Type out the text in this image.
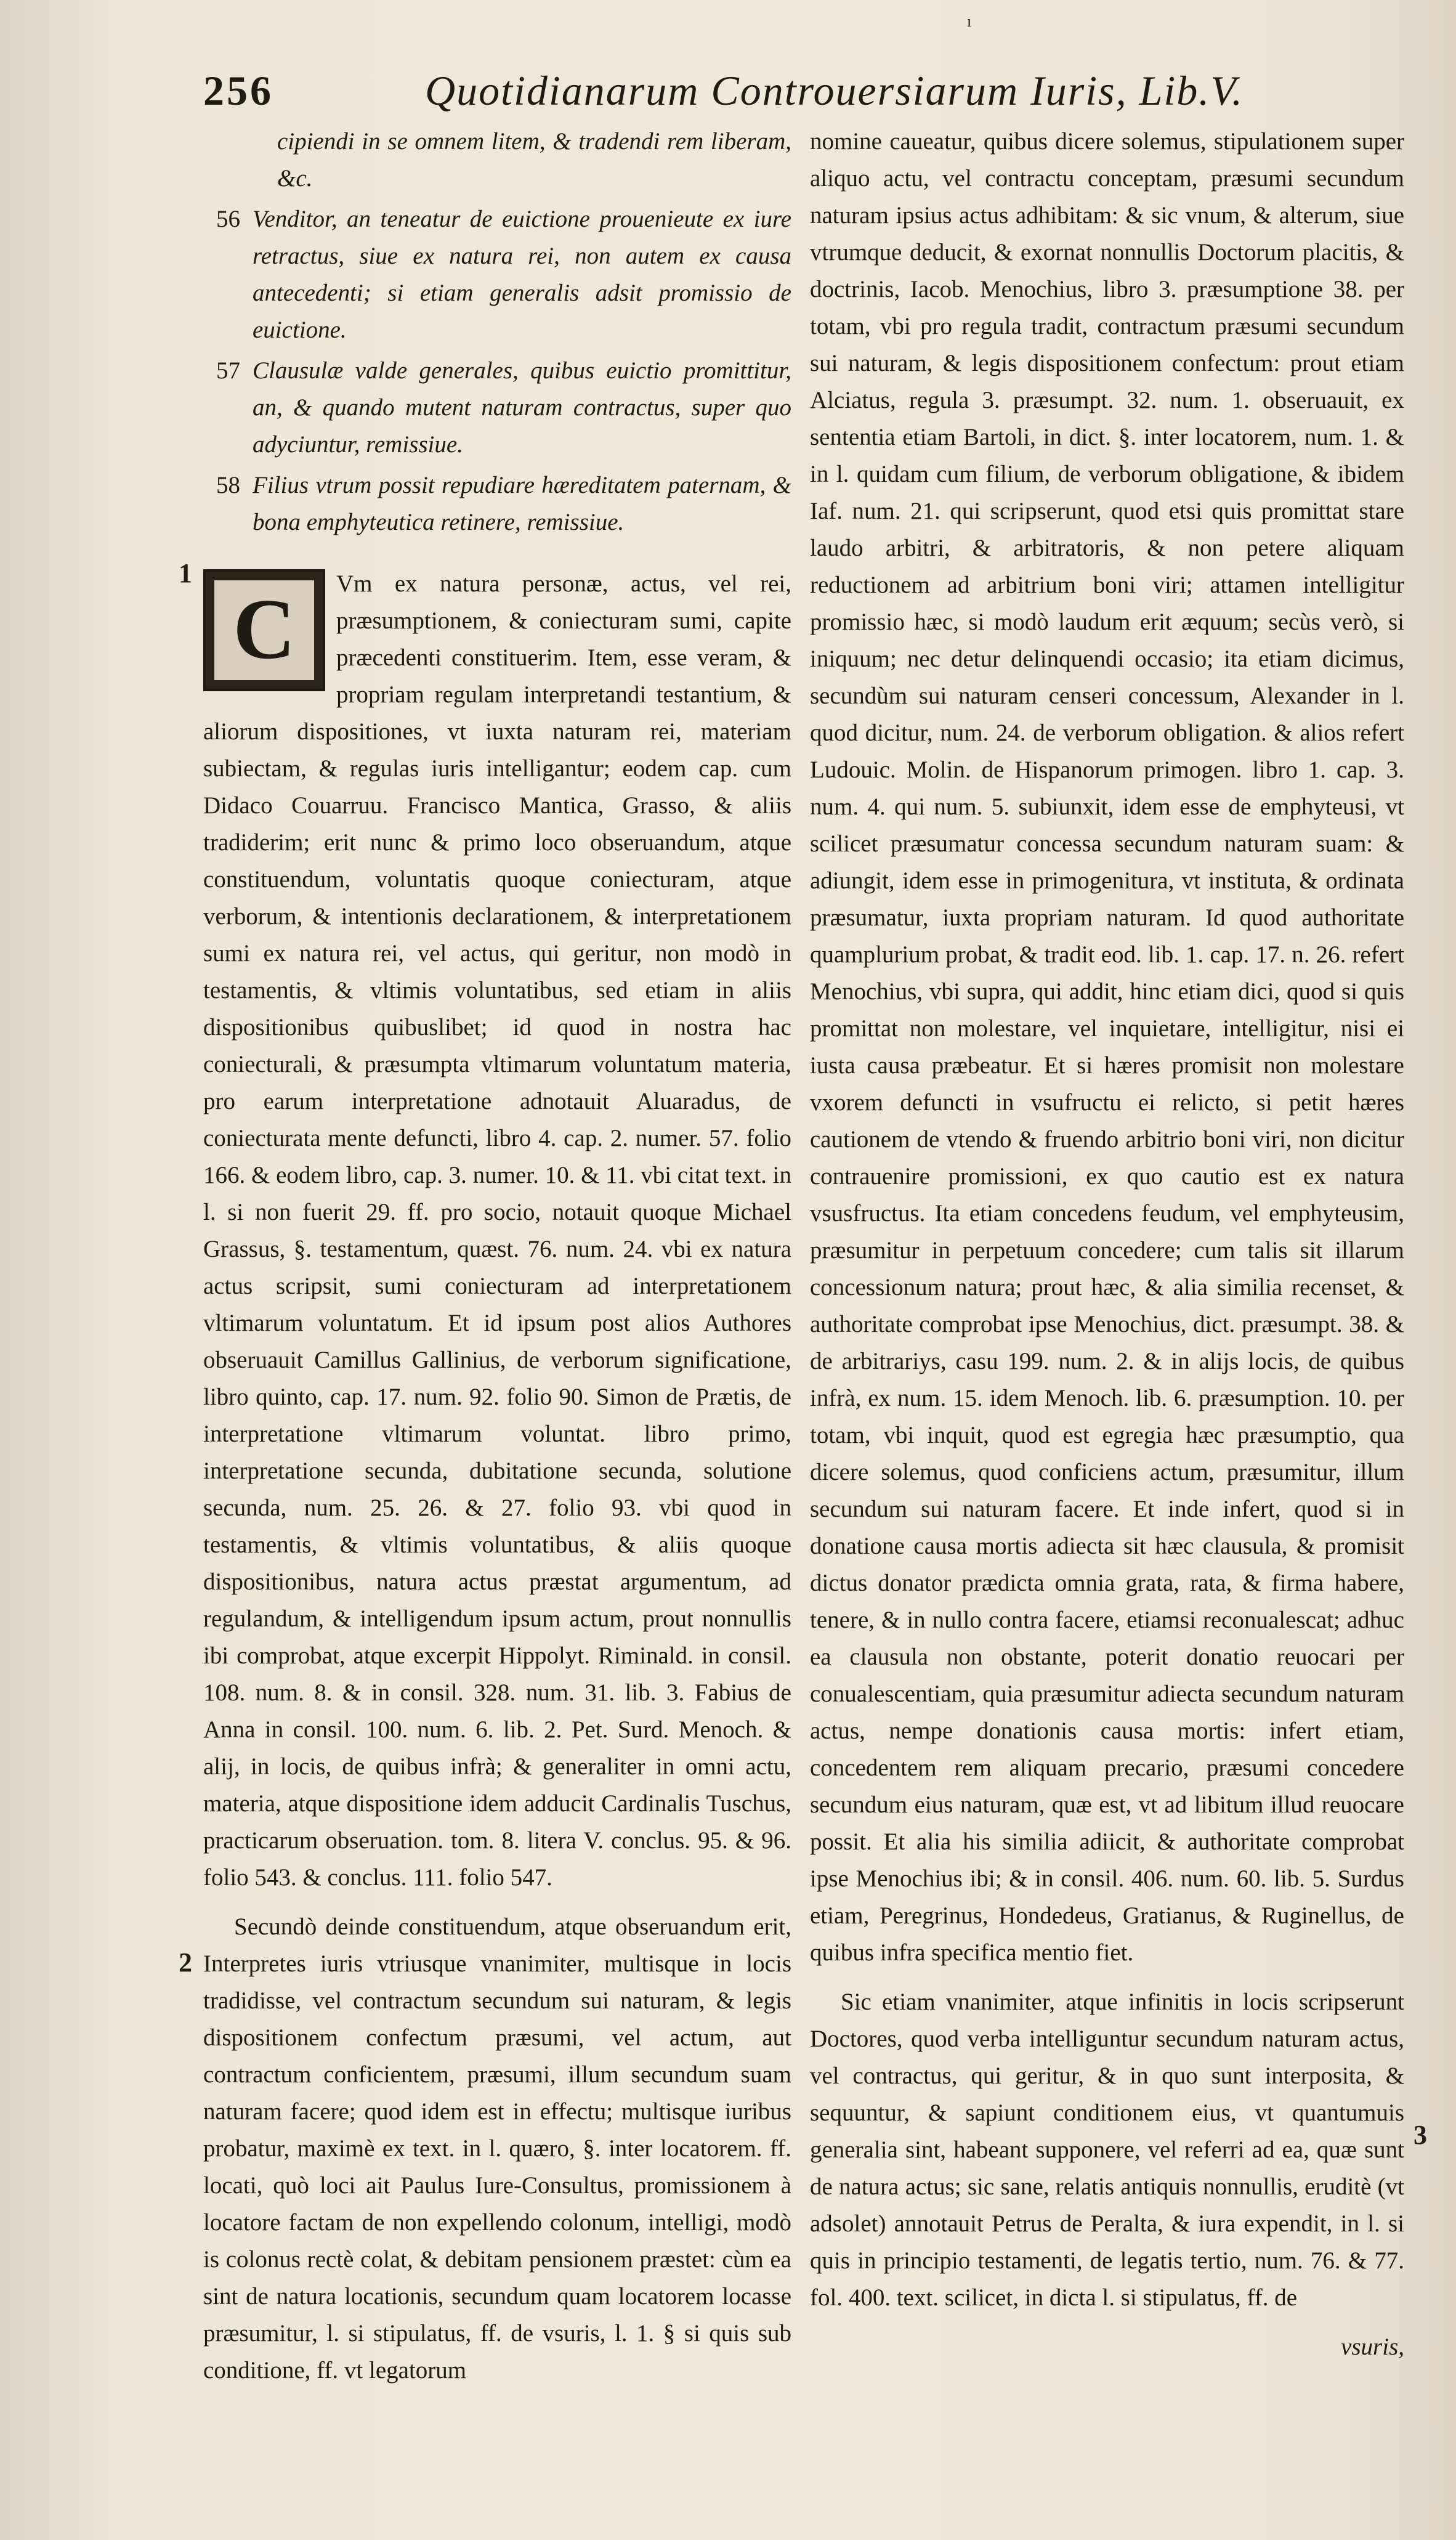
256	Quotidianarum Controuersiarum Iuris, Lib.V.
ı
cipiendi in se omnem litem, & tradendi rem liberam, &c.
56 Venditor, an teneatur de euictione prouenieute ex iure retractus, siue ex natura rei, non autem ex causa antecedenti; si etiam generalis adsit promissio de euictione.
57 Clausulæ valde generales, quibus euictio promittitur, an, & quando mutent naturam contractus, super quo adyciuntur, remissiue.
58 Filius vtrum possit repudiare hæreditatem paternam, & bona emphyteutica retinere, remissiue.

C	Vm ex natura personæ, actus, vel rei, præsumptionem, & coniecturam sumi, capite præcedenti constituerim. Item, esse veram, & propriam regulam interpretandi testantium, & aliorum dispositiones, vt iuxta naturam rei, materiam subiectam, & regulas iuris intelligantur; eodem cap. cum Didaco Couarruu. Francisco Mantica, Grasso, & aliis tradiderim; erit nunc & primo loco obseruandum, atque constituendum, voluntatis quoque coniecturam, atque verborum, & intentionis declarationem, & interpretationem sumi ex natura rei, vel actus, qui geritur, non modò in testamentis, & vltimis voluntatibus, sed etiam in aliis dispositionibus quibuslibet; id quod in nostra hac coniecturali, & præsumpta vltimarum voluntatum materia, pro earum interpretatione adnotauit Aluaradus, de coniecturata mente defuncti, libro 4. cap. 2. numer. 57. folio 166. & eodem libro, cap. 3. numer. 10. & 11. vbi citat text. in l. si non fuerit 29. ff. pro socio, notauit quoque Michael Grassus, §. testamentum, quæst. 76. num. 24. vbi ex natura actus scripsit, sumi coniecturam ad interpretationem vltimarum voluntatum. Et id ipsum post alios Authores obseruauit Camillus Gallinius, de verborum significatione, libro quinto, cap. 17. num. 92. folio 90. Simon de Prætis, de interpretatione vltimarum voluntat. libro primo, interpretatione secunda, dubitatione secunda, solutione secunda, num. 25. 26. & 27. folio 93. vbi quod in testamentis, & vltimis voluntatibus, & aliis quoque dispositionibus, natura actus præstat argumentum, ad regulandum, & intelligendum ipsum actum, prout nonnullis ibi comprobat, atque excerpit Hippolyt. Riminald. in consil. 108. num. 8. & in consil. 328. num. 31. lib. 3. Fabius de Anna in consil. 100. num. 6. lib. 2. Pet. Surd. Menoch. & alij, in locis, de quibus infrà; & generaliter in omni actu, materia, atque dispositione idem adducit Cardinalis Tuschus, practicarum obseruation. tom. 8. litera V. conclus. 95. & 96. folio 543. & conclus. 111. folio 547.

Secundò deinde constituendum, atque obseruandum erit, Interpretes iuris vtriusque vnanimiter, multisque in locis tradidisse, vel contractum secundum sui naturam, & legis dispositionem confectum præsumi, vel actum, aut contractum conficientem, præsumi, illum secundum suam naturam facere; quod idem est in effectu; multisque iuribus probatur, maximè ex text. in l. quæro, §. inter locatorem. ff. locati, quò loci ait Paulus Iure-Consultus, promissionem à locatore factam de non expellendo colonum, intelligi, modò is colonus rectè colat, & debitam pensionem præstet: cùm ea sint de natura locationis, secundum quam locatorem locasse præsumitur, l. si stipulatus, ff. de vsuris, l. 1. § si quis sub conditione, ff. vt legatorum

1
2

nomine caueatur, quibus dicere solemus, stipulationem super aliquo actu, vel contractu conceptam, præsumi secundum naturam ipsius actus adhibitam: & sic vnum, & alterum, siue vtrumque deducit, & exornat nonnullis Doctorum placitis, & doctrinis, Iacob. Menochius, libro 3. præsumptione 38. per totam, vbi pro regula tradit, contractum præsumi secundum sui naturam, & legis dispositionem confectum: prout etiam Alciatus, regula 3. præsumpt. 32. num. 1. obseruauit, ex sententia etiam Bartoli, in dict. §. inter locatorem, num. 1. & in l. quidam cum filium, de verborum obligatione, & ibidem Iaf. num. 21. qui scripserunt, quod etsi quis promittat stare laudo arbitri, & arbitratoris, & non petere aliquam reductionem ad arbitrium boni viri; attamen intelligitur promissio hæc, si modò laudum erit æquum; secùs verò, si iniquum; nec detur delinquendi occasio; ita etiam dicimus, secundùm sui naturam censeri concessum, Alexander in l. quod dicitur, num. 24. de verborum obligation. & alios refert Ludouic. Molin. de Hispanorum primogen. libro 1. cap. 3. num. 4. qui num. 5. subiunxit, idem esse de emphyteusi, vt scilicet præsumatur concessa secundum naturam suam: & adiungit, idem esse in primogenitura, vt instituta, & ordinata præsumatur, iuxta propriam naturam. Id quod authoritate quamplurium probat, & tradit eod. lib. 1. cap. 17. n. 26. refert Menochius, vbi supra, qui addit, hinc etiam dici, quod si quis promittat non molestare, vel inquietare, intelligitur, nisi ei iusta causa præbeatur. Et si hæres promisit non molestare vxorem defuncti in vsufructu ei relicto, si petit hæres cautionem de vtendo & fruendo arbitrio boni viri, non dicitur contrauenire promissioni, ex quo cautio est ex natura vsusfructus. Ita etiam concedens feudum, vel emphyteusim, præsumitur in perpetuum concedere; cum talis sit illarum concessionum natura; prout hæc, & alia similia recenset, & authoritate comprobat ipse Menochius, dict. præsumpt. 38. & de arbitrariys, casu 199. num. 2. & in alijs locis, de quibus infrà, ex num. 15. idem Menoch. lib. 6. præsumption. 10. per totam, vbi inquit, quod est egregia hæc præsumptio, qua dicere solemus, quod conficiens actum, præsumitur, illum secundum sui naturam facere. Et inde infert, quod si in donatione causa mortis adiecta sit hæc clausula, & promisit dictus donator prædicta omnia grata, rata, & firma habere, tenere, & in nullo contra facere, etiamsi reconualescat; adhuc ea clausula non obstante, poterit donatio reuocari per conualescentiam, quia præsumitur adiecta secundum naturam actus, nempe donationis causa mortis: infert etiam, concedentem rem aliquam precario, præsumi concedere secundum eius naturam, quæ est, vt ad libitum illud reuocare possit. Et alia his similia adiicit, & authoritate comprobat ipse Menochius ibi; & in consil. 406. num. 60. lib. 5. Surdus etiam, Peregrinus, Hondedeus, Gratianus, & Ruginellus, de quibus infra specifica mentio fiet.

Sic etiam vnanimiter, atque infinitis in locis scripserunt Doctores, quod verba intelliguntur secundum naturam actus, vel contractus, qui geritur, & in quo sunt interposita, & sequuntur, & sapiunt conditionem eius, vt quantumuis generalia sint, habeant supponere, vel referri ad ea, quæ sunt de natura actus; sic sane, relatis antiquis nonnullis, eruditè (vt adsolet) annotauit Petrus de Peralta, & iura expendit, in l. si quis in principio testamenti, de legatis tertio, num. 76. & 77. fol. 400. text. scilicet, in dicta l. si stipulatus, ff. de

vsuris,
3
